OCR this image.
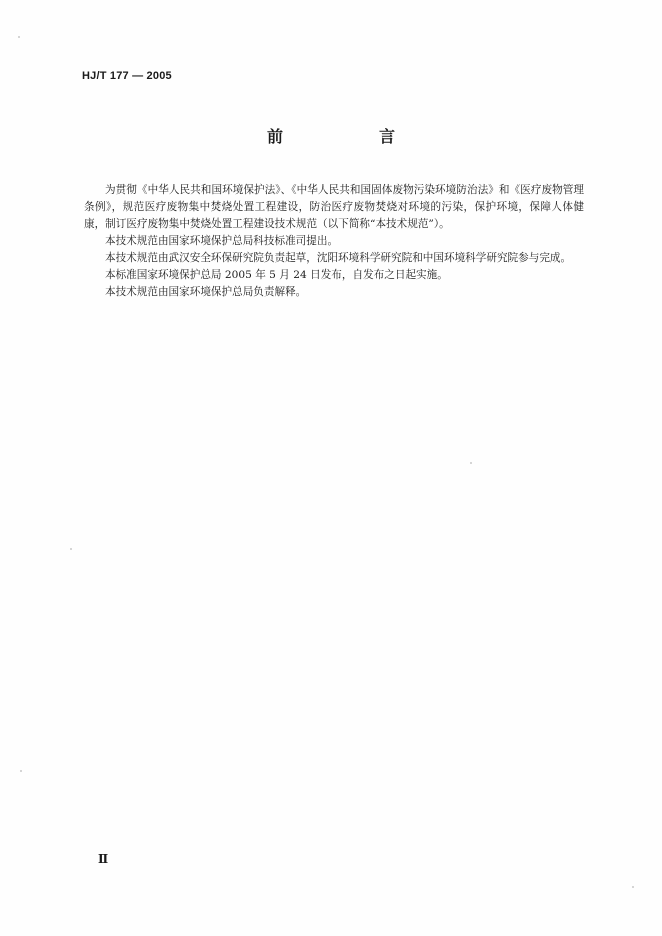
HJ/T 177 — 2005
前　言

为贯彻《中华人民共和国环境保护法》、《中华人民共和国固体废物污染环境防治法》和《医疗废物管理条例》，规范医疗废物集中焚烧处置工程建设，防治医疗废物焚烧对环境的污染，保护环境，保障人体健康，制订医疗废物集中焚烧处置工程建设技术规范（以下简称“本技术规范”）。

本技术规范由国家环境保护总局科技标准司提出。

本技术规范由武汉安全环保研究院负责起草，沈阳环境科学研究院和中国环境科学研究院参与完成。

本标准国家环境保护总局 2005 年 5 月 24 日发布，自发布之日起实施。

本技术规范由国家环境保护总局负责解释。

Ⅱ
